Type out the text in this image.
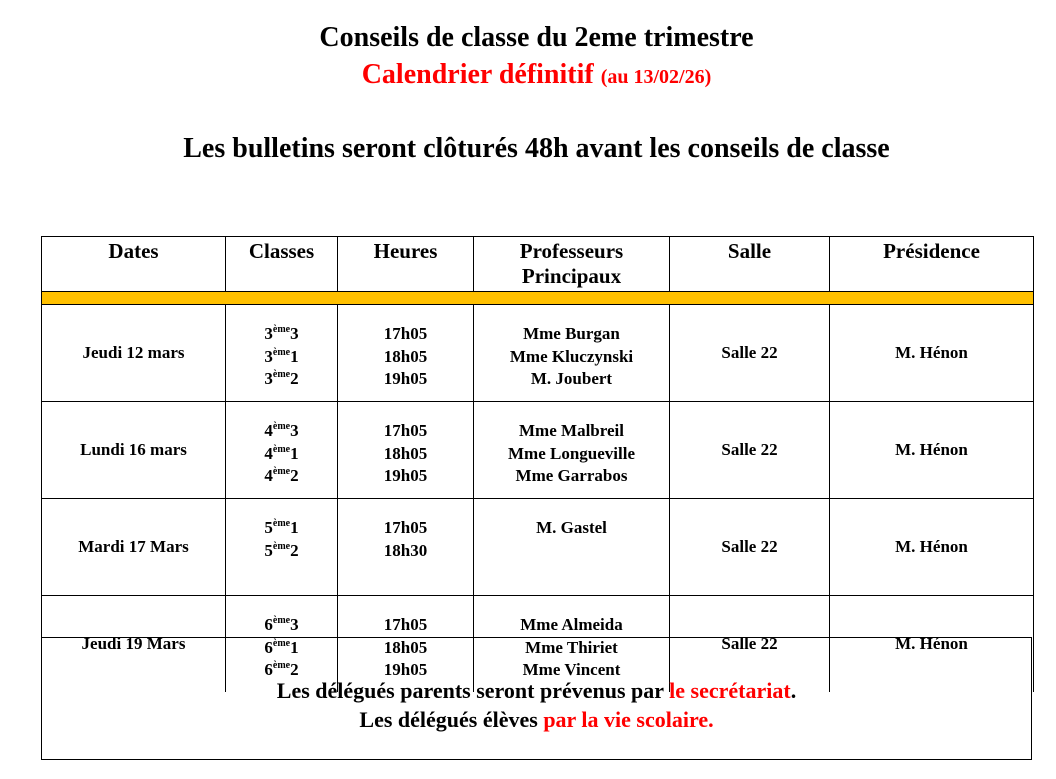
Conseils de classe du 2eme trimestre
Calendrier définitif (au 13/02/26)
Les bulletins seront clôturés 48h avant les conseils de classe
Dates	Classes	Heures	Professeurs
Principaux	Salle	Présidence

Jeudi 12 mars	3ème3
3ème1
3ème2	17h05
18h05
19h05	Mme Burgan
Mme Kluczynski
M. Joubert	Salle 22	M. Hénon
Lundi 16 mars	4ème3
4ème1
4ème2	17h05
18h05
19h05	Mme Malbreil
Mme Longueville
Mme Garrabos	Salle 22	M. Hénon
Mardi 17 Mars	5ème1
5ème2	17h05
18h30	M. Gastel	Salle 22	M. Hénon
Jeudi 19 Mars	6ème3
6ème1
6ème2	17h05
18h05
19h05	Mme Almeida
Mme Thiriet
Mme Vincent	Salle 22	M. Hénon
Les délégués parents seront prévenus par le secrétariat.
Les délégués élèves par la vie scolaire.
